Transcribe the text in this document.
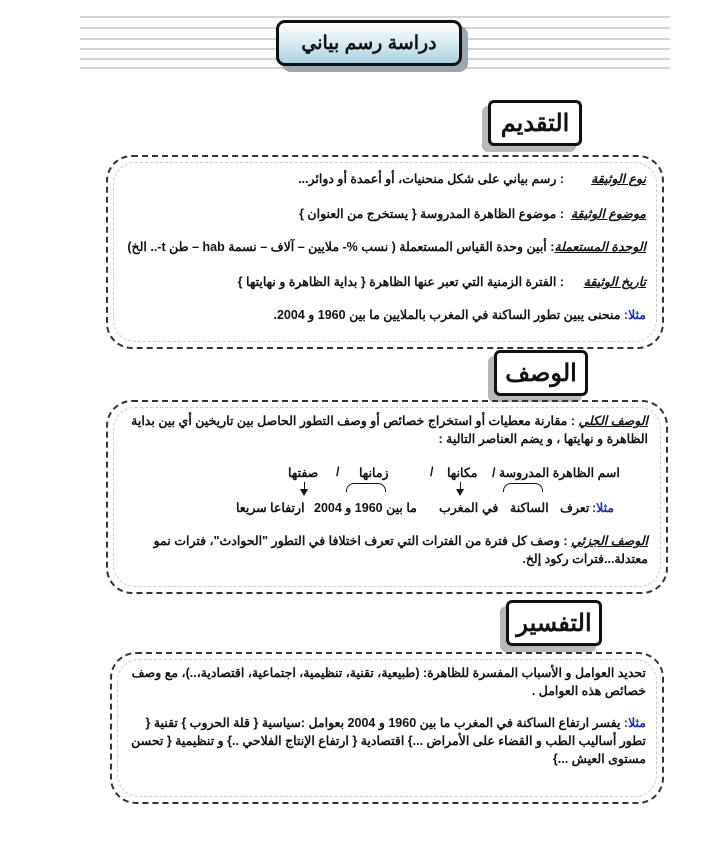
دراسة رسم بياني
التقديم
نوع الوثيقة: رسم بياني على شكل منحنيات، أو أعمدة أو دوائر...
موضوع الوثيقة: موضوع الظاهرة المدروسة { يستخرج من العنوان }
الوحدة المستعملة: أبين وحدة القياس المستعملة ( نسب %- ملايين – آلاف – نسمة hab – طن t-.. الخ)
تاريخ الوثيقة: الفترة الزمنية التي تعبر عنها الظاهرة { بداية الظاهرة و نهايتها }
مثلا: منحنى يبين تطور الساكنة في المغرب بالملايين ما بين 1960 و 2004.
الوصف
الوصف الكلي : مقارنة معطيات أو استخراج خصائص أو وصف التطور الحاصل بين تاريخين أي بين بداية الظاهرة و نهايتها ، و يضم العناصر التالية :
اسم الظاهرة المدروسة /
مكانها
/
زمانها
/
صفتها
مثلا:
تعرف
الساكنة
في
المغرب
ما بين 1960 و 2004
ارتفاعا سريعا
الوصف الجزئي : وصف كل فترة من الفترات التي تعرف اختلافا في التطور "الحوادث"، فترات نمو معتدلة...فترات ركود إلخ.
التفسير
تحديد العوامل و الأسباب المفسرة للظاهرة: (طبيعية، تقنية، تنظيمية، اجتماعية، اقتصادية،..)، مع وصف خصائص هذه العوامل .
مثلا: يفسر ارتفاع الساكنة في المغرب ما بين 1960 و 2004 بعوامل :سياسية { قلة الحروب } تقنية { تطور أساليب الطب و القضاء على الأمراض ...} اقتصادية { ارتفاع الإنتاج الفلاحي ..} و تنظيمية { تحسن مستوى العيش ...}
